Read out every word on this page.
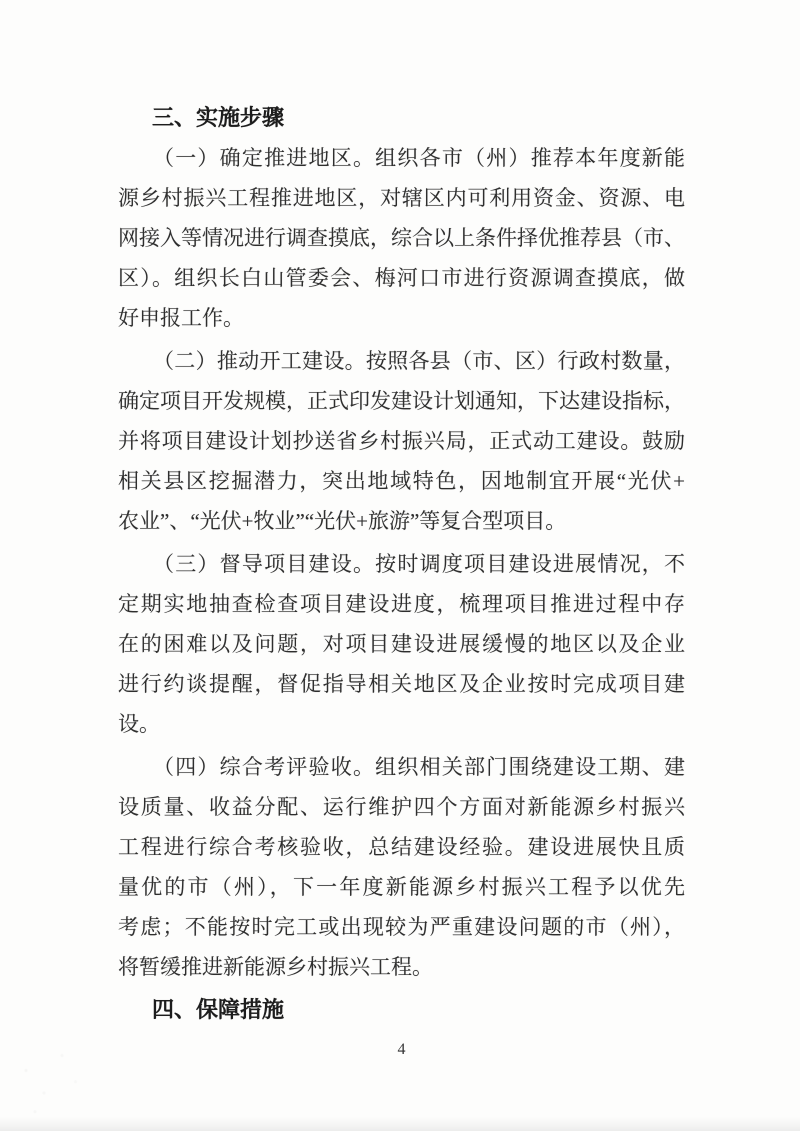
三、实施步骤
（一）确定推进地区。组织各市（州）推荐本年度新能
源乡村振兴工程推进地区，对辖区内可利用资金、资源、电
网接入等情况进行调查摸底，综合以上条件择优推荐县（市、
区）。组织长白山管委会、梅河口市进行资源调查摸底，做
好申报工作。
（二）推动开工建设。按照各县（市、区）行政村数量，
确定项目开发规模，正式印发建设计划通知，下达建设指标，
并将项目建设计划抄送省乡村振兴局，正式动工建设。鼓励
相关县区挖掘潜力，突出地域特色，因地制宜开展“光伏+
农业”、“光伏+牧业”“光伏+旅游”等复合型项目。
（三）督导项目建设。按时调度项目建设进展情况，不
定期实地抽查检查项目建设进度，梳理项目推进过程中存
在的困难以及问题，对项目建设进展缓慢的地区以及企业
进行约谈提醒，督促指导相关地区及企业按时完成项目建
设。
（四）综合考评验收。组织相关部门围绕建设工期、建
设质量、收益分配、运行维护四个方面对新能源乡村振兴
工程进行综合考核验收，总结建设经验。建设进展快且质
量优的市（州），下一年度新能源乡村振兴工程予以优先
考虑；不能按时完工或出现较为严重建设问题的市（州），
将暂缓推进新能源乡村振兴工程。
四、保障措施
4
